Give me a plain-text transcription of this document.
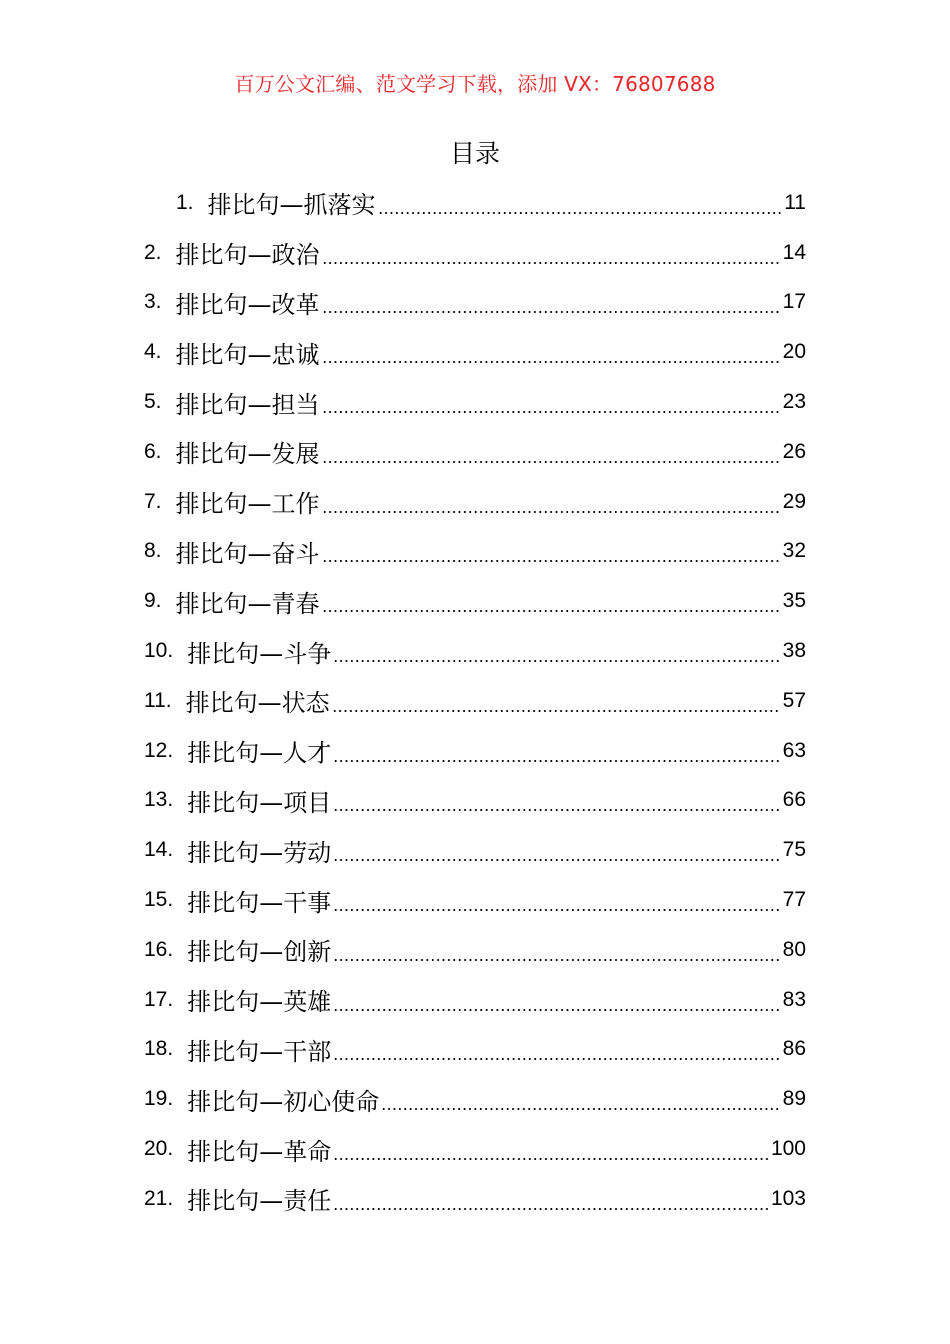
百万公文汇编、范文学习下载，添加 VX：76807688
目录
1. 排比句—抓落实	11
2. 排比句—政治	14
3. 排比句—改革	17
4. 排比句—忠诚	20
5. 排比句—担当	23
6. 排比句—发展	26
7. 排比句—工作	29
8. 排比句—奋斗	32
9. 排比句—青春	35
10. 排比句—斗争	38
11. 排比句—状态	57
12. 排比句—人才	63
13. 排比句—项目	66
14. 排比句—劳动	75
15. 排比句—干事	77
16. 排比句—创新	80
17. 排比句—英雄	83
18. 排比句—干部	86
19. 排比句—初心使命	89
20. 排比句—革命	100
21. 排比句—责任	103
